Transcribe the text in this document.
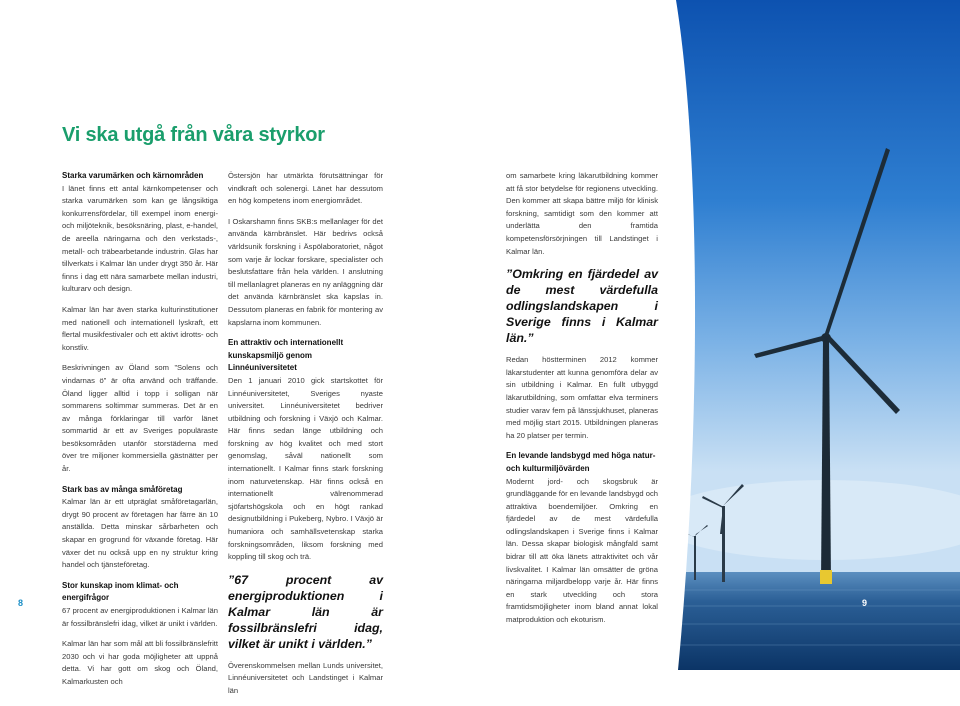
Vi ska utgå från våra styrkor
Starka varumärken och kärnområden

I länet finns ett antal kärnkompetenser och starka varumärken som kan ge långsiktiga konkurrensfördelar, till exempel inom energi- och miljöteknik, besöksnäring, plast, e-handel, de areella näringarna och den verkstads-, metall- och träbearbetande industrin. Glas har tillverkats i Kalmar län under drygt 350 år. Här finns i dag ett nära samarbete mellan industri, kulturarv och design.

Kalmar län har även starka kulturinstitutioner med nationell och internationell lyskraft, ett flertal musikfestivaler och ett aktivt idrotts- och konstliv.

Beskrivningen av Öland som ”Solens och vindarnas ö” är ofta använd och träffande. Öland ligger alltid i topp i solligan när sommarens soltimmar summeras. Det är en av många förklaringar till varför länet sommartid är ett av Sveriges populäraste besöksområden utanför storstäderna med över tre miljoner kommersiella gästnätter per år.

Stark bas av många småföretag

Kalmar län är ett utpräglat småföretagarlän, drygt 90 procent av företagen har färre än 10 anställda. Detta minskar sårbarheten och skapar en grogrund för växande företag. Här växer det nu också upp en ny struktur kring handel och tjänsteföretag.

Stor kunskap inom klimat- och energifrågor

67 procent av energiproduktionen i Kalmar län är fossilbränslefri idag, vilket är unikt i världen.

Kalmar län har som mål att bli fossilbränslefritt 2030 och vi har goda möjligheter att uppnå detta. Vi har gott om skog och Öland, Kalmarkusten och

Östersjön har utmärkta förutsättningar för vindkraft och solenergi. Länet har dessutom en hög kompetens inom energiområdet.

I Oskarshamn finns SKB:s mellanlager för det använda kärnbränslet. Här bedrivs också världsunik forskning i Äspölaboratoriet, något som varje år lockar forskare, specialister och beslutsfattare från hela världen. I anslutning till mellanlagret planeras en ny anläggning där det använda kärnbränslet ska kapslas in. Dessutom planeras en fabrik för montering av kapslarna inom kommunen.

En attraktiv och internationellt kunskapsmiljö genom Linnéuniversitetet

Den 1 januari 2010 gick startskottet för Linnéuniversitetet, Sveriges nyaste universitet. Linnéuniversitetet bedriver utbildning och forskning i Växjö och Kalmar. Här finns sedan länge utbildning och forskning av hög kvalitet och med stort genomslag, såväl nationellt som internationellt. I Kalmar finns stark forskning inom naturvetenskap. Här finns också en internationellt välrenommerad sjöfartshögskola och en högt rankad designutbildning i Pukeberg, Nybro. I Växjö är humaniora och samhällsvetenskap starka forskningsområden, liksom forskning med koppling till skog och trä.

”67 procent av energiproduktionen i Kalmar län är fossilbränslefri idag, vilket är unikt i världen.”

Överenskommelsen mellan Lunds universitet, Linnéuniversitetet och Landstinget i Kalmar län

om samarbete kring läkarutbildning kommer att få stor betydelse för regionens utveckling. Den kommer att skapa bättre miljö för klinisk forskning, samtidigt som den kommer att underlätta den framtida kompetensförsörjningen till Landstinget i Kalmar län.

”Omkring en fjärdedel av de mest värdefulla odlingslandskapen i Sverige finns i Kalmar län.”

Redan höstterminen 2012 kommer läkarstudenter att kunna genomföra delar av sin utbildning i Kalmar. En fullt utbyggd läkarutbildning, som omfattar elva terminers studier varav fem på länssjukhuset, planeras med möjlig start 2015. Utbildningen planeras ha 20 platser per termin.

En levande landsbygd med höga natur- och kulturmiljövärden

Modernt jord- och skogsbruk är grundläggande för en levande landsbygd och attraktiva boendemiljöer. Omkring en fjärdedel av de mest värdefulla odlingslandskapen i Sverige finns i Kalmar län. Dessa skapar biologisk mångfald samt bidrar till att öka länets attraktivitet och vår livskvalitet. I Kalmar län omsätter de gröna näringarna miljardbelopp varje år. Här finns en stark utveckling och stora framtidsmöjligheter inom bland annat lokal matproduktion och ekoturism.

8	9
